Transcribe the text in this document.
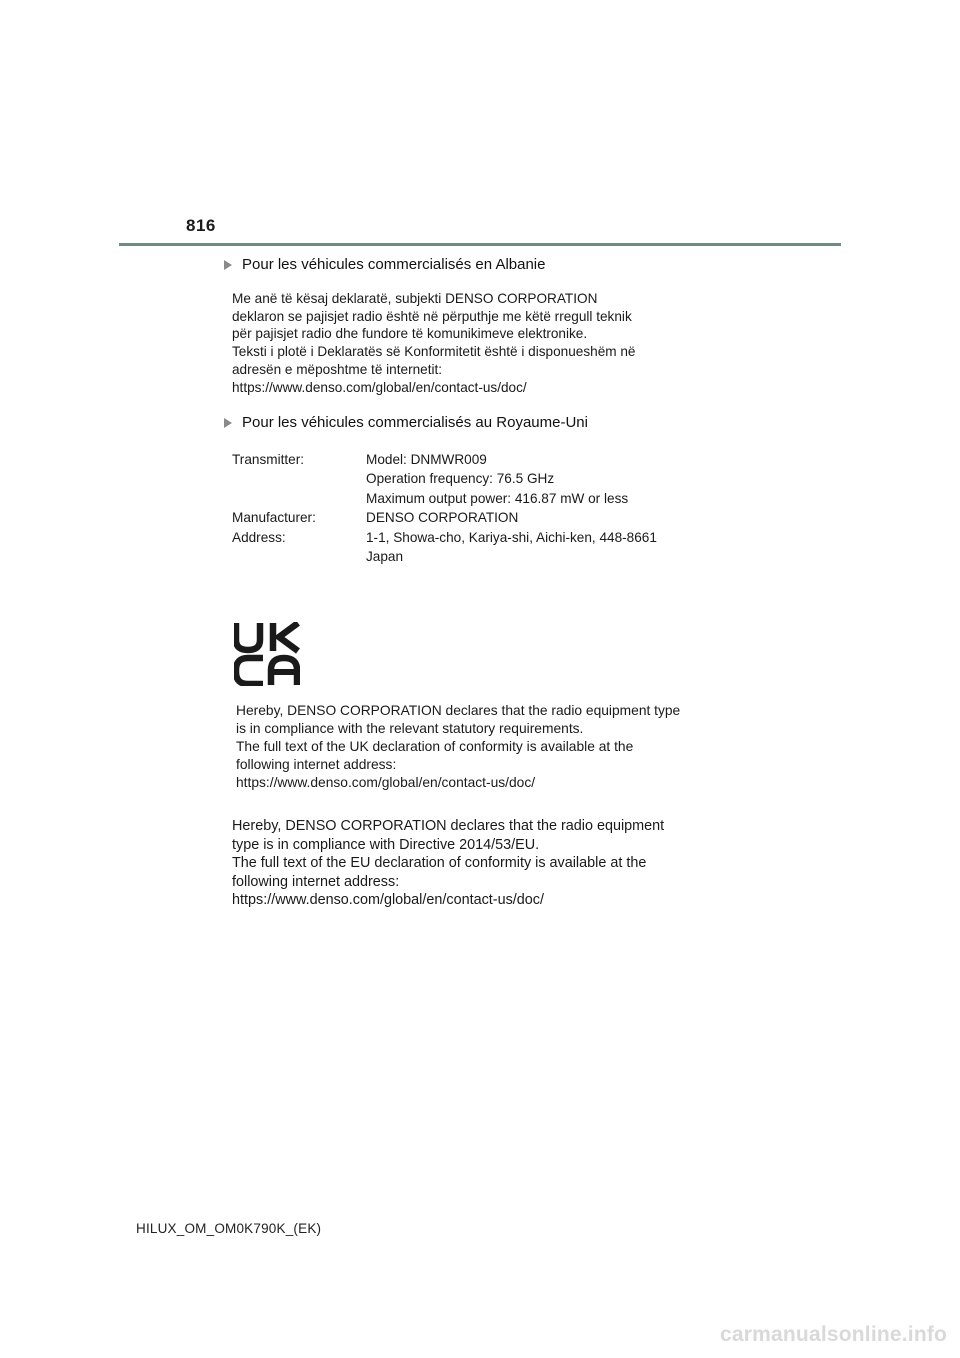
816
Pour les véhicules commercialisés en Albanie
Me anë të kësaj deklaratë, subjekti DENSO CORPORATION
deklaron se pajisjet radio është në përputhje me këtë rregull teknik
për pajisjet radio dhe fundore të komunikimeve elektronike.
Teksti i plotë i Deklaratës së Konformitetit është i disponueshëm në
adresën e mëposhtme të internetit:
https://www.denso.com/global/en/contact-us/doc/
Pour les véhicules commercialisés au Royaume-Uni
Transmitter:	Model: DNMWR009
Operation frequency: 76.5 GHz
Maximum output power: 416.87 mW or less
Manufacturer:	DENSO CORPORATION
Address:	1-1, Showa-cho, Kariya-shi, Aichi-ken, 448-8661
Japan
Hereby, DENSO CORPORATION declares that the radio equipment type
is in compliance with the relevant statutory requirements.
The full text of the UK declaration of conformity is available at the
following internet address:
https://www.denso.com/global/en/contact-us/doc/
Hereby, DENSO CORPORATION declares that the radio equipment
type is in compliance with Directive 2014/53/EU.
The full text of the EU declaration of conformity is available at the
following internet address:
https://www.denso.com/global/en/contact-us/doc/
HILUX_OM_OM0K790K_(EK)
carmanualsonline.info
